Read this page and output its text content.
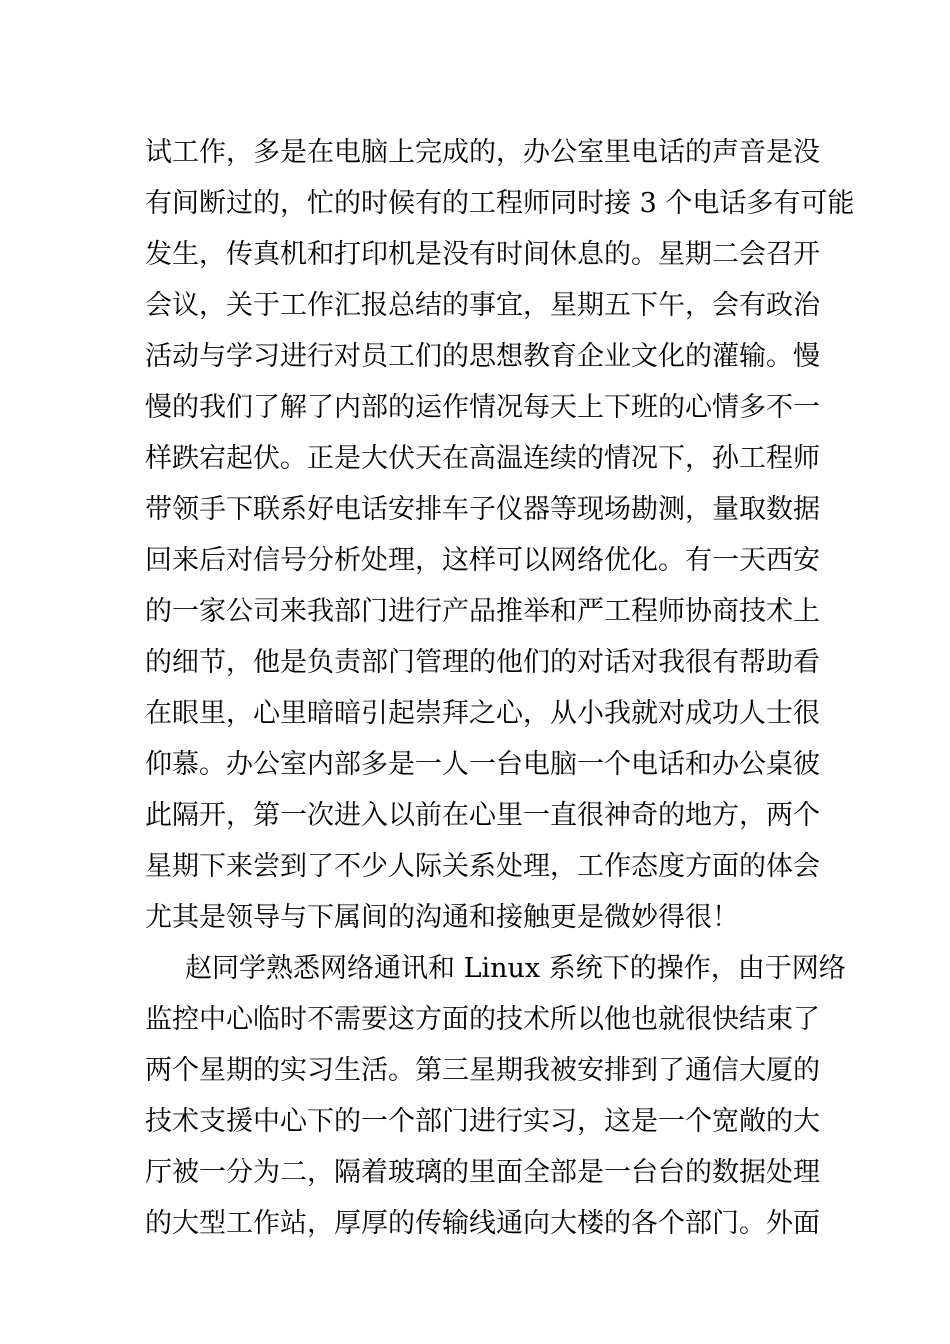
试工作，多是在电脑上完成的，办公室里电话的声音是没
有间断过的，忙的时候有的工程师同时接 3 个电话多有可能
发生，传真机和打印机是没有时间休息的。星期二会召开
会议，关于工作汇报总结的事宜，星期五下午，会有政治
活动与学习进行对员工们的思想教育企业文化的灌输。慢
慢的我们了解了内部的运作情况每天上下班的心情多不一
样跌宕起伏。正是大伏天在高温连续的情况下，孙工程师
带领手下联系好电话安排车子仪器等现场勘测，量取数据
回来后对信号分析处理，这样可以网络优化。有一天西安
的一家公司来我部门进行产品推举和严工程师协商技术上
的细节，他是负责部门管理的他们的对话对我很有帮助看
在眼里，心里暗暗引起崇拜之心，从小我就对成功人士很
仰慕。办公室内部多是一人一台电脑一个电话和办公桌彼
此隔开，第一次进入以前在心里一直很神奇的地方，两个
星期下来尝到了不少人际关系处理，工作态度方面的体会
尤其是领导与下属间的沟通和接触更是微妙得很！
赵同学熟悉网络通讯和 Linux 系统下的操作，由于网络
监控中心临时不需要这方面的技术所以他也就很快结束了
两个星期的实习生活。第三星期我被安排到了通信大厦的
技术支援中心下的一个部门进行实习，这是一个宽敞的大
厅被一分为二，隔着玻璃的里面全部是一台台的数据处理
的大型工作站，厚厚的传输线通向大楼的各个部门。外面
